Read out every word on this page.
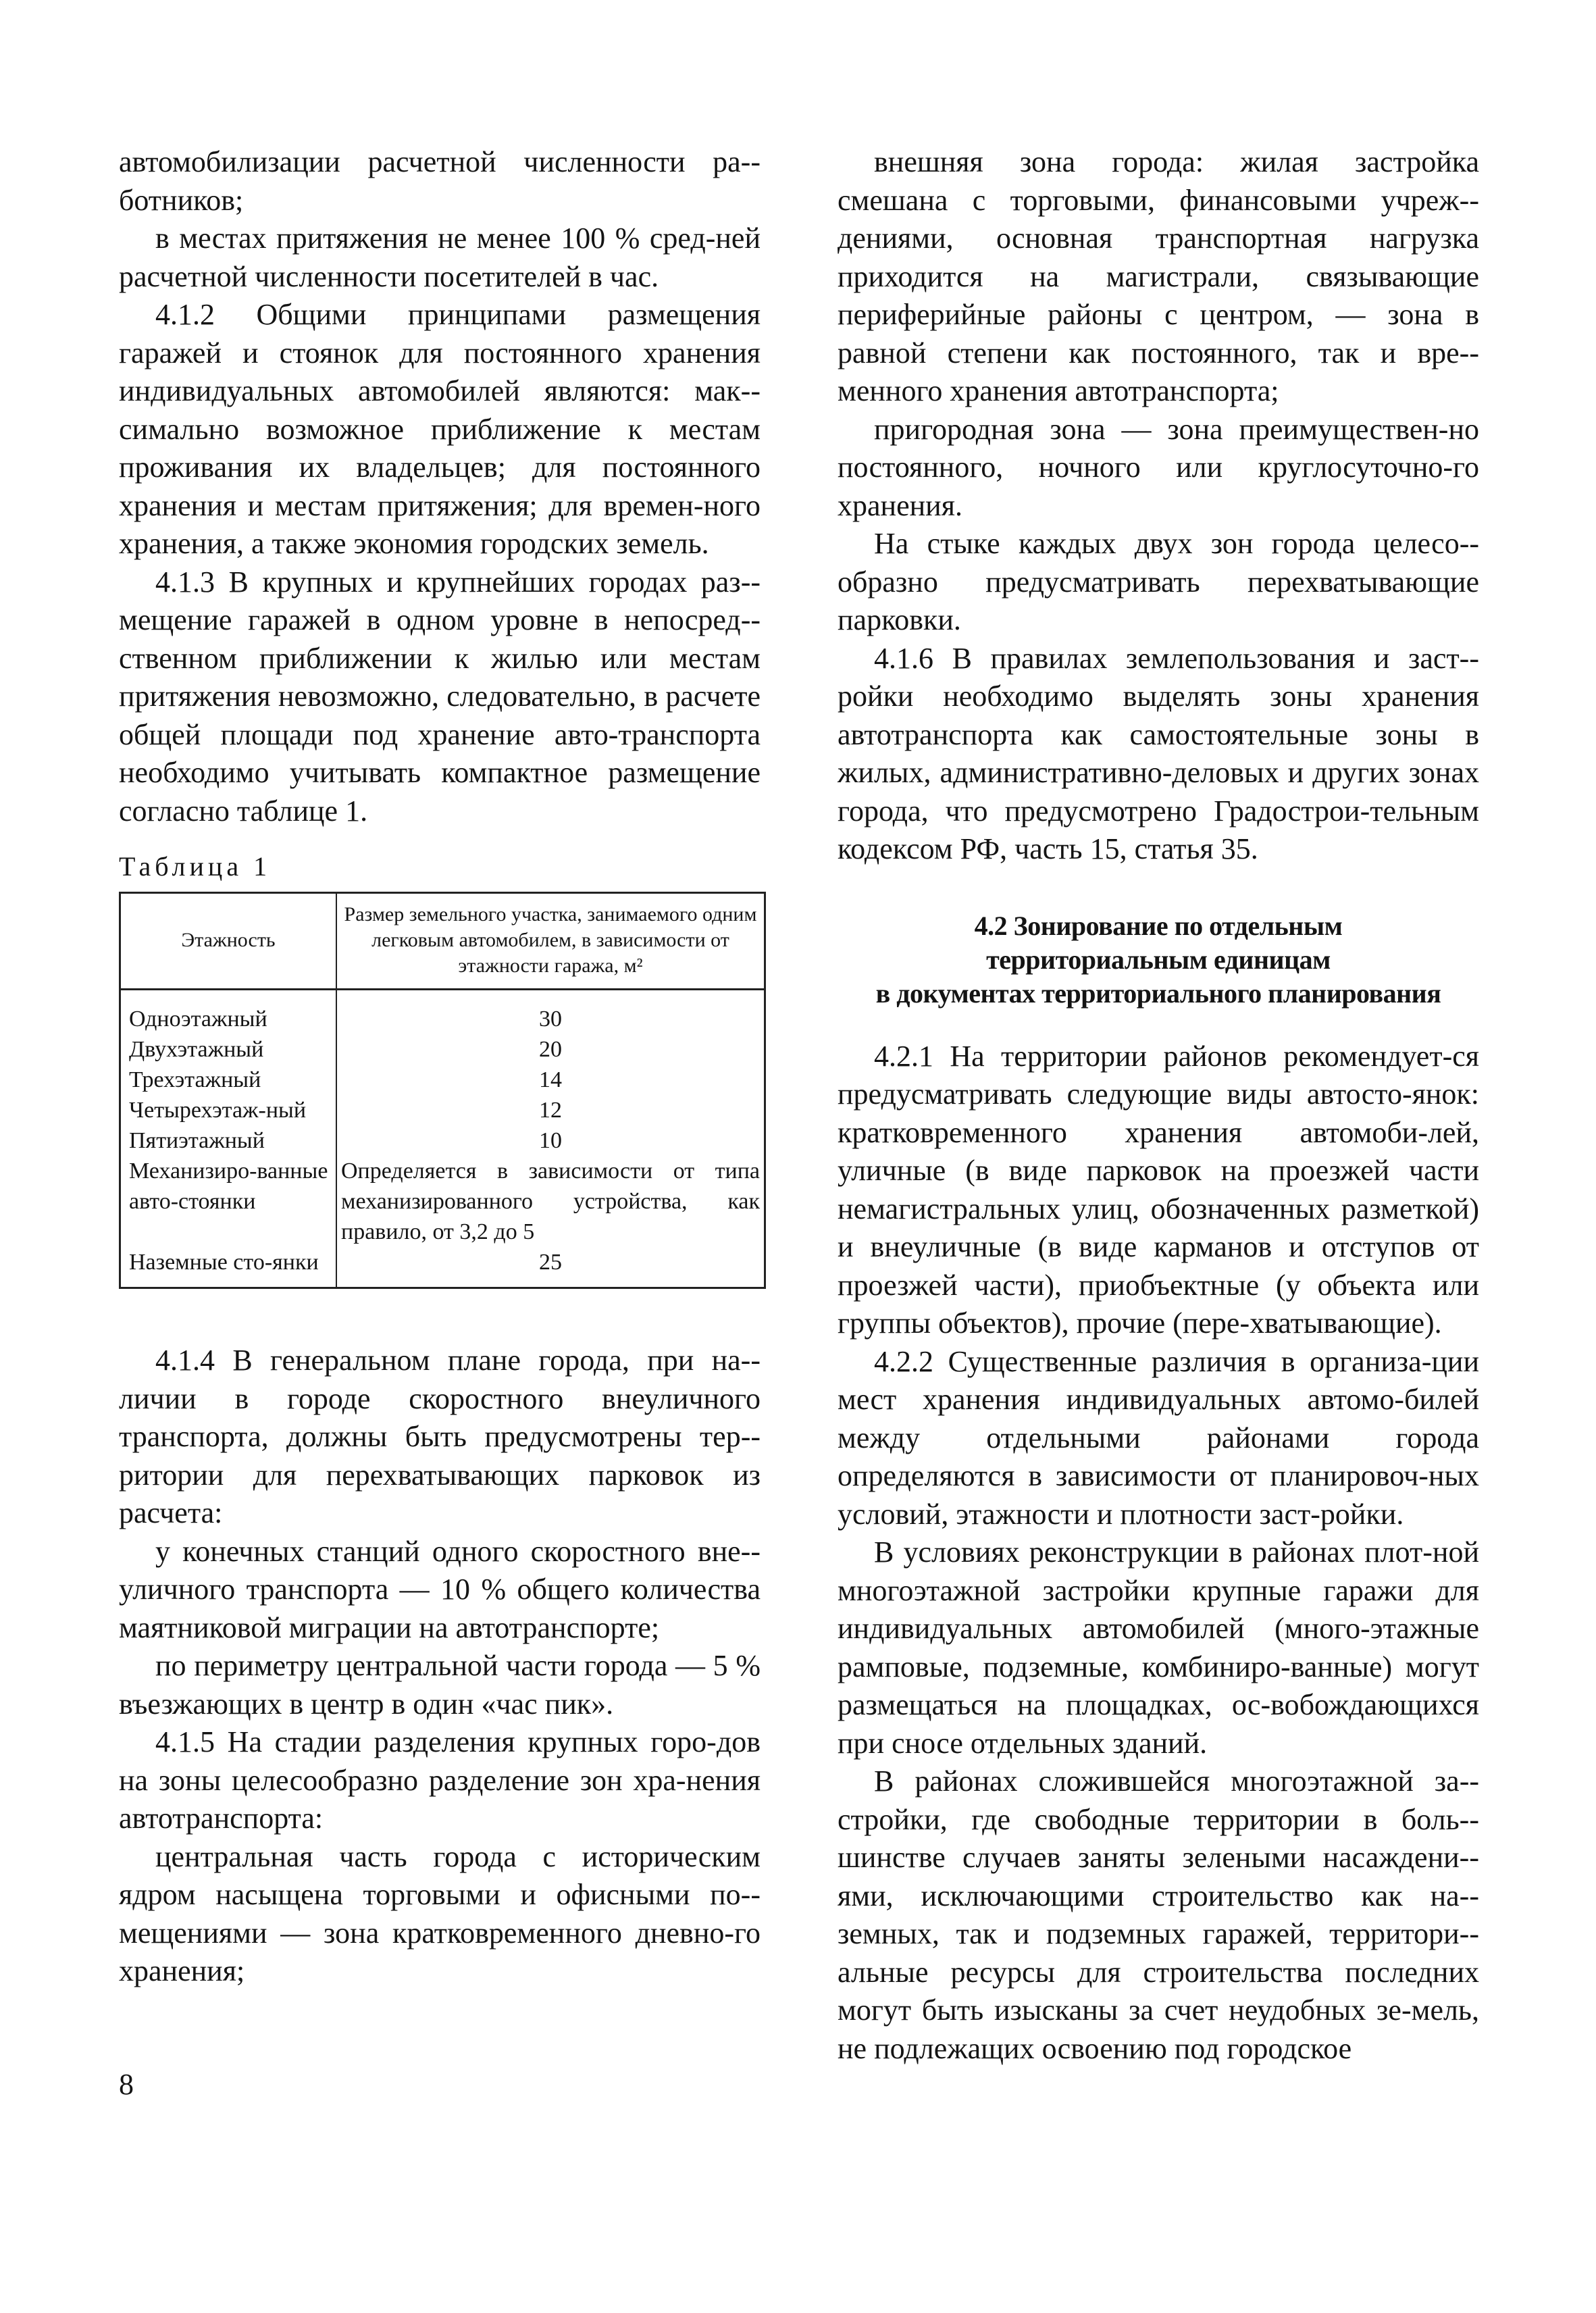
автомобилизации расчетной численности ра-ботников;

в местах притяжения не менее 100 % сред-ней расчетной численности посетителей в час.

4.1.2 Общими принципами размещения гаражей и стоянок для постоянного хранения индивидуальных автомобилей являются: мак-симально возможное приближение к местам проживания их владельцев; для постоянного хранения и местам притяжения; для времен-ного хранения, а также экономия городских земель.

4.1.3 В крупных и крупнейших городах раз-мещение гаражей в одном уровне в непосред-ственном приближении к жилью или местам притяжения невозможно, следовательно, в расчете общей площади под хранение авто-транспорта необходимо учитывать компактное размещение согласно таблице 1.

Таблица 1
Этажность	Размер земельного участка, занимаемого одним легковым автомобилем, в зависимости от этажности гаража, м²
Одноэтажный	30
Двухэтажный	20
Трехэтажный	14
Четырехэтаж-ный	12
Пятиэтажный	10
Механизиро-ванные авто-стоянки	Определяется в зависимости от типа механизированного устройства, как правило, от 3,2 до 5
Наземные сто-янки	25

4.1.4 В генеральном плане города, при на-личии в городе скоростного внеуличного транспорта, должны быть предусмотрены тер-ритории для перехватывающих парковок из расчета:

у конечных станций одного скоростного вне-уличного транспорта — 10 % общего количества маятниковой миграции на автотранспорте;

по периметру центральной части города — 5 % въезжающих в центр в один «час пик».

4.1.5 На стадии разделения крупных горо-дов на зоны целесообразно разделение зон хра-нения автотранспорта:

центральная часть города с историческим ядром насыщена торговыми и офисными по-мещениями — зона кратковременного дневно-го хранения;

внешняя зона города: жилая застройка смешана с торговыми, финансовыми учреж-дениями, основная транспортная нагрузка приходится на магистрали, связывающие периферийные районы с центром, — зона в равной степени как постоянного, так и вре-менного хранения автотранспорта;

пригородная зона — зона преимуществен-но постоянного, ночного или круглосуточно-го хранения.

На стыке каждых двух зон города целесо-образно предусматривать перехватывающие парковки.

4.1.6 В правилах землепользования и заст-ройки необходимо выделять зоны хранения автотранспорта как самостоятельные зоны в жилых, административно-деловых и других зонах города, что предусмотрено Градострои-тельным кодексом РФ, часть 15, статья 35.

4.2 Зонирование по отдельным
территориальным единицам
в документах территориального планирования

4.2.1 На территории районов рекомендует-ся предусматривать следующие виды автосто-янок: кратковременного хранения автомоби-лей, уличные (в виде парковок на проезжей части немагистральных улиц, обозначенных разметкой) и внеуличные (в виде карманов и отступов от проезжей части), приобъектные (у объекта или группы объектов), прочие (пере-хватывающие).

4.2.2 Существенные различия в организа-ции мест хранения индивидуальных автомо-билей между отдельными районами города определяются в зависимости от планировоч-ных условий, этажности и плотности заст-ройки.

В условиях реконструкции в районах плот-ной многоэтажной застройки крупные гаражи для индивидуальных автомобилей (много-этажные рамповые, подземные, комбиниро-ванные) могут размещаться на площадках, ос-вобождающихся при сносе отдельных зданий.

В районах сложившейся многоэтажной за-стройки, где свободные территории в боль-шинстве случаев заняты зелеными насаждени-ями, исключающими строительство как на-земных, так и подземных гаражей, территори-альные ресурсы для строительства последних могут быть изысканы за счет неудобных зе-мель, не подлежащих освоению под городское

8
